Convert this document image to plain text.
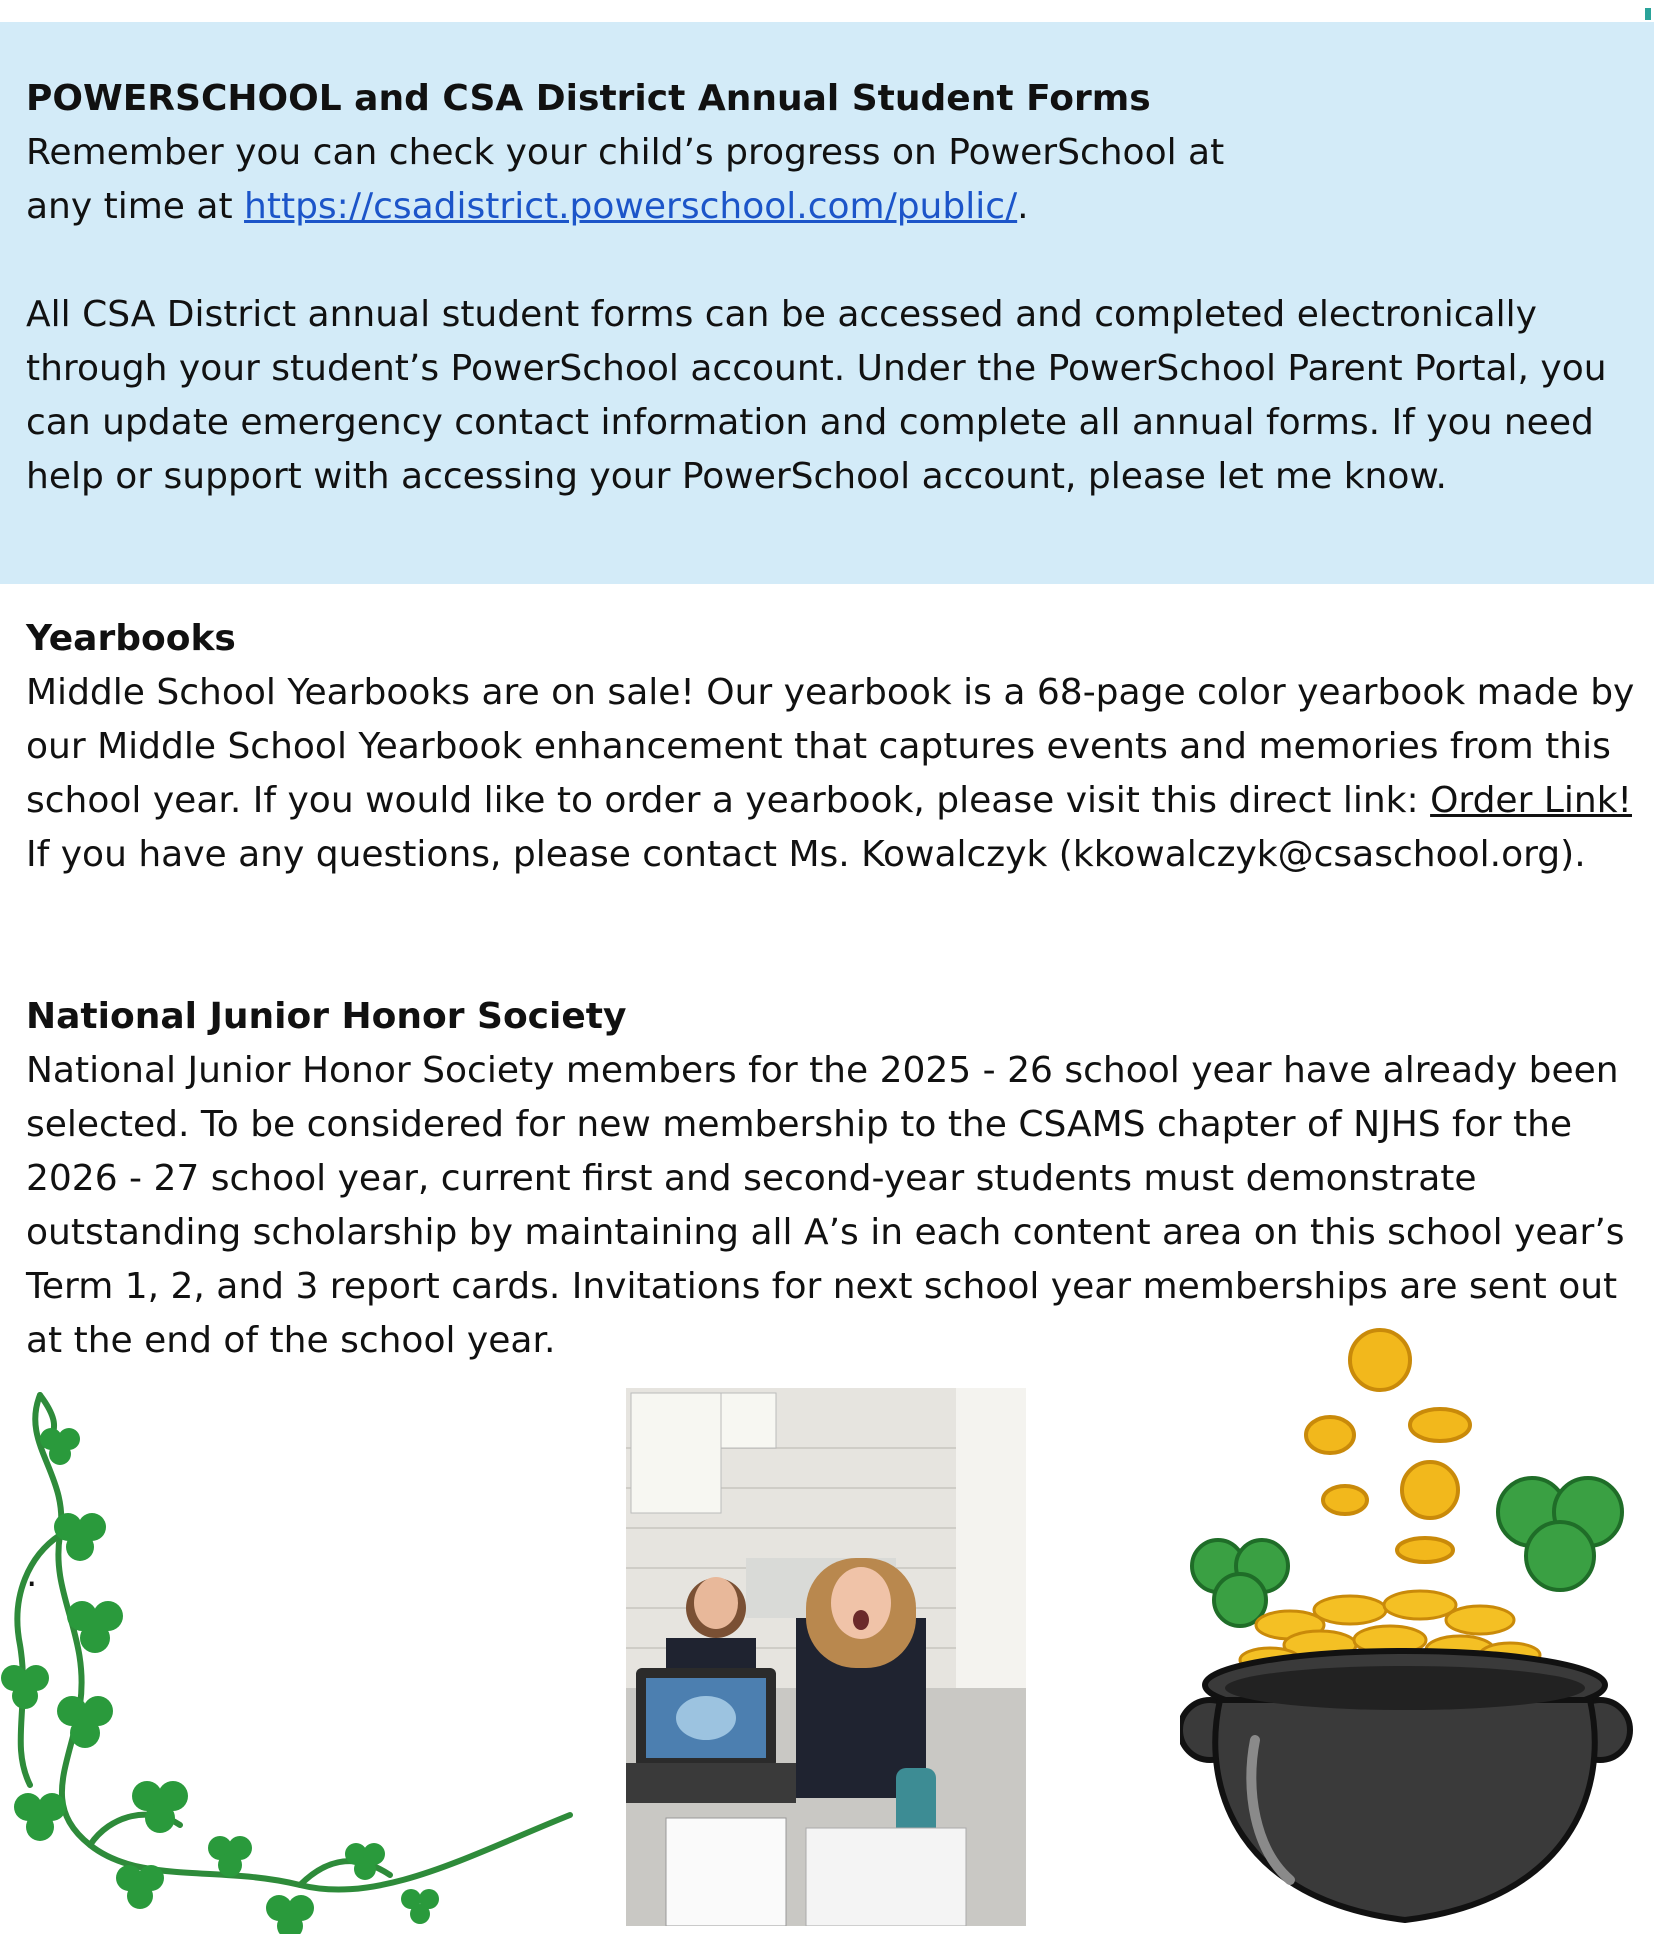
POWERSCHOOL and CSA District Annual Student Forms

Remember you can check your child’s progress on PowerSchool at

any time at https://csadistrict.powerschool.com/public/.

All CSA District annual student forms can be accessed and completed electronically through your student’s PowerSchool account. Under the PowerSchool Parent Portal, you can update emergency contact information and complete all annual forms. If you need help or support with accessing your PowerSchool account, please let me know.

Yearbooks

Middle School Yearbooks are on sale! Our yearbook is a 68-page color yearbook made by our Middle School Yearbook enhancement that captures events and memories from this school year. If you would like to order a yearbook, please visit this direct link: Order Link! If you have any questions, please contact Ms. Kowalczyk (kkowalczyk@csaschool.org).

National Junior Honor Society

National Junior Honor Society members for the 2025 - 26 school year have already been selected. To be considered for new membership to the CSAMS chapter of NJHS for the 2026 - 27 school year, current first and second-year students must demonstrate outstanding scholarship by maintaining all A’s in each content area on this school year’s Term 1, 2, and 3 report cards. Invitations for next school year memberships are sent out at the end of the school year.

.
